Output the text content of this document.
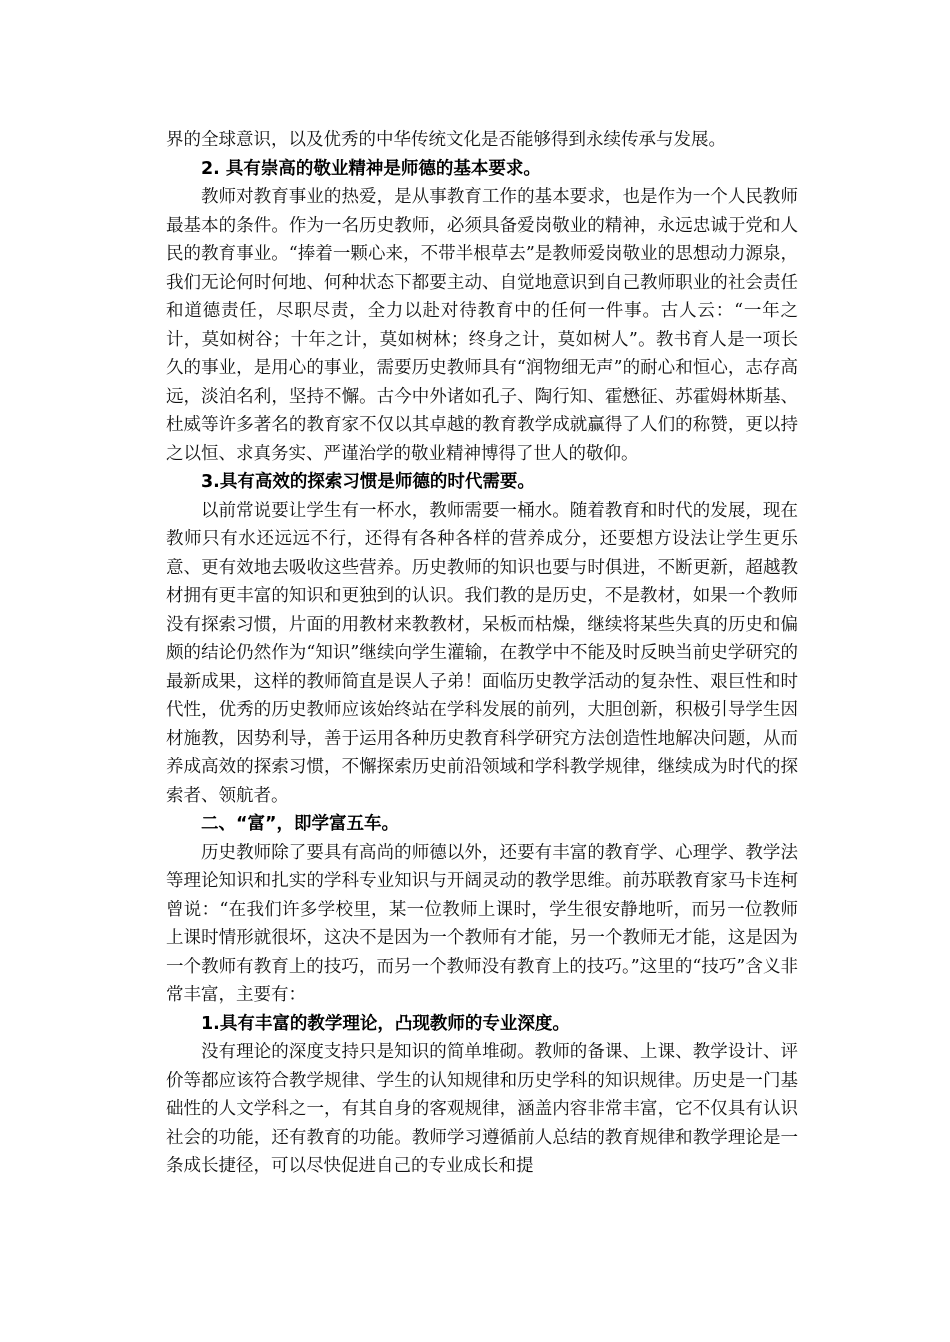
界的全球意识，以及优秀的中华传统文化是否能够得到永续传承与发展。

2. 具有崇高的敬业精神是师德的基本要求。

教师对教育事业的热爱，是从事教育工作的基本要求，也是作为一个人民教师最基本的条件。作为一名历史教师，必须具备爱岗敬业的精神，永远忠诚于党和人民的教育事业。“捧着一颗心来，不带半根草去”是教师爱岗敬业的思想动力源泉，我们无论何时何地、何种状态下都要主动、自觉地意识到自己教师职业的社会责任和道德责任，尽职尽责，全力以赴对待教育中的任何一件事。古人云：“一年之计，莫如树谷；十年之计，莫如树林；终身之计，莫如树人”。教书育人是一项长久的事业，是用心的事业，需要历史教师具有“润物细无声”的耐心和恒心，志存高远，淡泊名利，坚持不懈。古今中外诸如孔子、陶行知、霍懋征、苏霍姆林斯基、杜威等许多著名的教育家不仅以其卓越的教育教学成就赢得了人们的称赞，更以持之以恒、求真务实、严谨治学的敬业精神博得了世人的敬仰。

3.具有高效的探索习惯是师德的时代需要。

以前常说要让学生有一杯水，教师需要一桶水。随着教育和时代的发展，现在教师只有水还远远不行，还得有各种各样的营养成分，还要想方设法让学生更乐意、更有效地去吸收这些营养。历史教师的知识也要与时俱进，不断更新，超越教材拥有更丰富的知识和更独到的认识。我们教的是历史，不是教材，如果一个教师没有探索习惯，片面的用教材来教教材，呆板而枯燥，继续将某些失真的历史和偏颇的结论仍然作为“知识”继续向学生灌输，在教学中不能及时反映当前史学研究的最新成果，这样的教师简直是误人子弟！面临历史教学活动的复杂性、艰巨性和时代性，优秀的历史教师应该始终站在学科发展的前列，大胆创新，积极引导学生因材施教，因势利导，善于运用各种历史教育科学研究方法创造性地解决问题，从而养成高效的探索习惯，不懈探索历史前沿领域和学科教学规律，继续成为时代的探索者、领航者。

二、“富”，即学富五车。

历史教师除了要具有高尚的师德以外，还要有丰富的教育学、心理学、教学法等理论知识和扎实的学科专业知识与开阔灵动的教学思维。前苏联教育家马卡连柯曾说：“在我们许多学校里，某一位教师上课时，学生很安静地听，而另一位教师上课时情形就很坏，这决不是因为一个教师有才能，另一个教师无才能，这是因为一个教师有教育上的技巧，而另一个教师没有教育上的技巧。”这里的“技巧”含义非常丰富，主要有：

1.具有丰富的教学理论，凸现教师的专业深度。

没有理论的深度支持只是知识的简单堆砌。教师的备课、上课、教学设计、评价等都应该符合教学规律、学生的认知规律和历史学科的知识规律。历史是一门基础性的人文学科之一，有其自身的客观规律，涵盖内容非常丰富，它不仅具有认识社会的功能，还有教育的功能。教师学习遵循前人总结的教育规律和教学理论是一条成长捷径，可以尽快促进自己的专业成长和提
